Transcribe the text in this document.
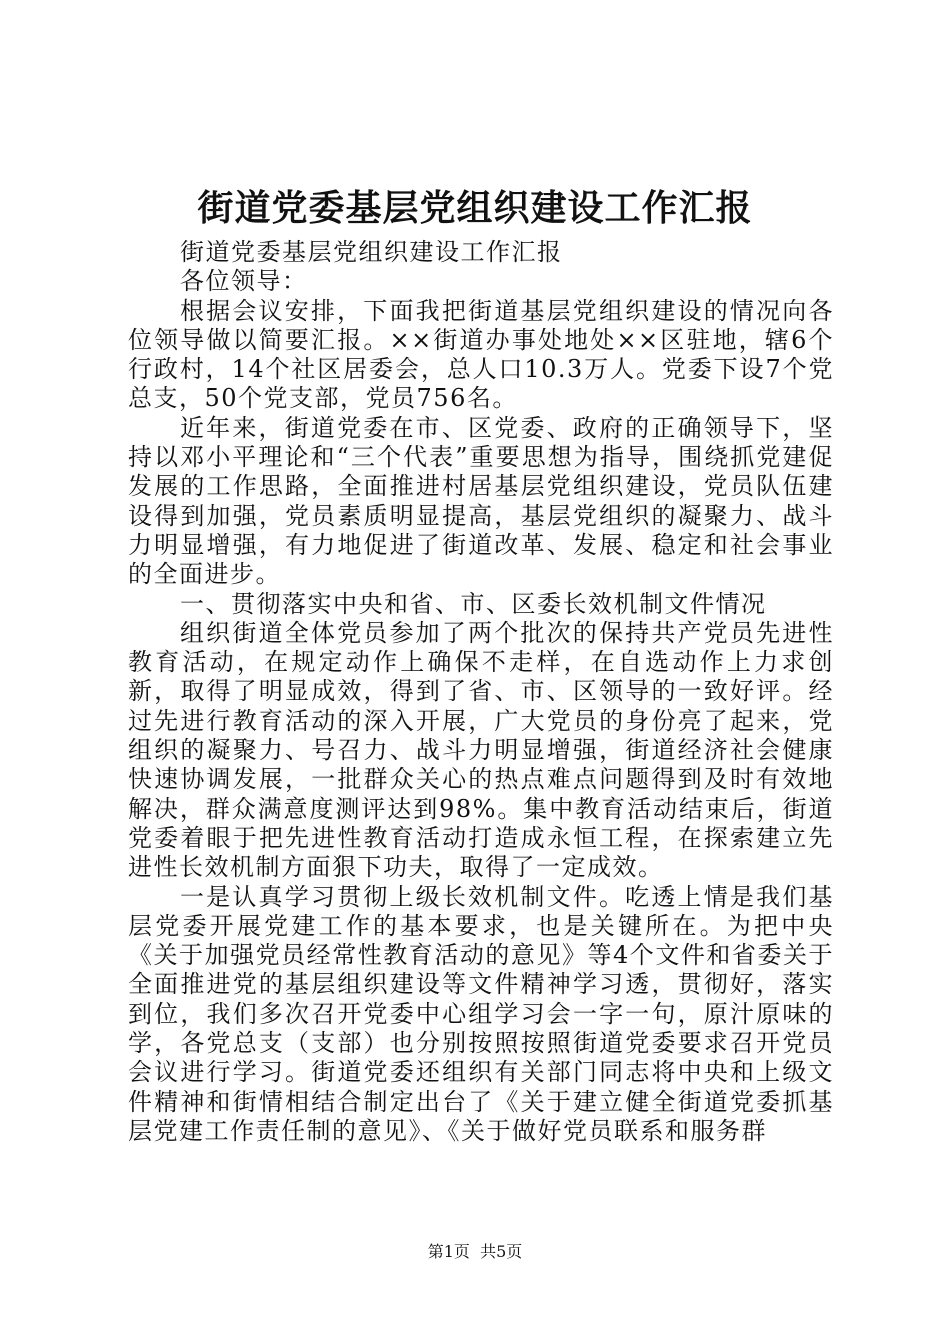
街道党委基层党组织建设工作汇报

街道党委基层党组织建设工作汇报

各位领导：

根据会议安排，下面我把街道基层党组织建设的情况向各位领导做以简要汇报。××街道办事处地处××区驻地，辖6个行政村，14个社区居委会，总人口10.3万人。党委下设7个党总支，50个党支部，党员756名。

近年来，街道党委在市、区党委、政府的正确领导下，坚持以邓小平理论和“三个代表”重要思想为指导，围绕抓党建促发展的工作思路，全面推进村居基层党组织建设，党员队伍建设得到加强，党员素质明显提高，基层党组织的凝聚力、战斗力明显增强，有力地促进了街道改革、发展、稳定和社会事业的全面进步。

一、贯彻落实中央和省、市、区委长效机制文件情况

组织街道全体党员参加了两个批次的保持共产党员先进性教育活动，在规定动作上确保不走样，在自选动作上力求创新，取得了明显成效，得到了省、市、区领导的一致好评。经过先进行教育活动的深入开展，广大党员的身份亮了起来，党组织的凝聚力、号召力、战斗力明显增强，街道经济社会健康快速协调发展，一批群众关心的热点难点问题得到及时有效地解决，群众满意度测评达到98%。集中教育活动结束后，街道党委着眼于把先进性教育活动打造成永恒工程，在探索建立先进性长效机制方面狠下功夫，取得了一定成效。

一是认真学习贯彻上级长效机制文件。吃透上情是我们基层党委开展党建工作的基本要求，也是关键所在。为把中央《关于加强党员经常性教育活动的意见》等4个文件和省委关于全面推进党的基层组织建设等文件精神学习透，贯彻好，落实到位，我们多次召开党委中心组学习会一字一句，原汁原味的学，各党总支（支部）也分别按照按照街道党委要求召开党员会议进行学习。街道党委还组织有关部门同志将中央和上级文件精神和街情相结合制定出台了《关于建立健全街道党委抓基层党建工作责任制的意见》、《关于做好党员联系和服务群

第1页 共5页
